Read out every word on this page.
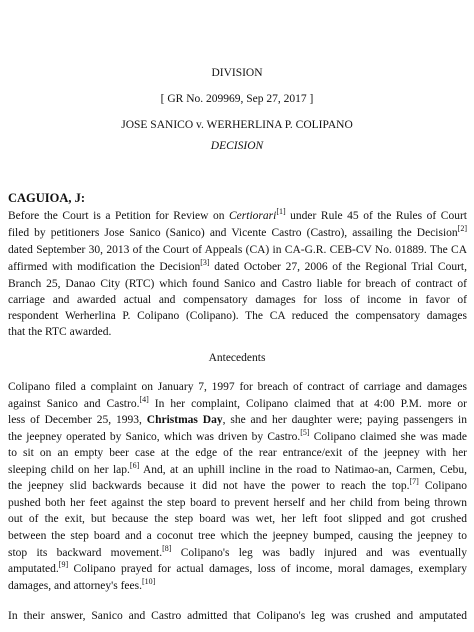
DIVISION
[ GR No. 209969, Sep 27, 2017 ]
JOSE SANICO v. WERHERLINA P. COLIPANO
DECISION
CAGUIOA, J:
Before the Court is a Petition for Review on Certiorari[1] under Rule 45 of the Rules of Court
filed by petitioners Jose Sanico (Sanico) and Vicente Castro (Castro), assailing the Decision[2]
dated September 30, 2013 of the Court of Appeals (CA) in CA-G.R. CEB-CV No. 01889. The CA
affirmed with modification the Decision[3] dated October 27, 2006 of the Regional Trial Court,
Branch 25, Danao City (RTC) which found Sanico and Castro liable for breach of contract of
carriage and awarded actual and compensatory damages for loss of income in favor of
respondent Werherlina P. Colipano (Colipano). The CA reduced the compensatory damages
that the RTC awarded.
Antecedents
Colipano filed a complaint on January 7, 1997 for breach of contract of carriage and damages
against Sanico and Castro.[4] In her complaint, Colipano claimed that at 4:00 P.M. more or
less of December 25, 1993, Christmas Day, she and her daughter were; paying passengers in
the jeepney operated by Sanico, which was driven by Castro.[5] Colipano claimed she was made
to sit on an empty beer case at the edge of the rear entrance/exit of the jeepney with her
sleeping child on her lap.[6] And, at an uphill incline in the road to Natimao-an, Carmen, Cebu,
the jeepney slid backwards because it did not have the power to reach the top.[7] Colipano
pushed both her feet against the step board to prevent herself and her child from being thrown
out of the exit, but because the step board was wet, her left foot slipped and got crushed
between the step board and a coconut tree which the jeepney bumped, causing the jeepney to
stop its backward movement.[8] Colipano's leg was badly injured and was eventually
amputated.[9] Colipano prayed for actual damages, loss of income, moral damages, exemplary
damages, and attorney's fees.[10]
In their answer, Sanico and Castro admitted that Colipano's leg was crushed and amputated
